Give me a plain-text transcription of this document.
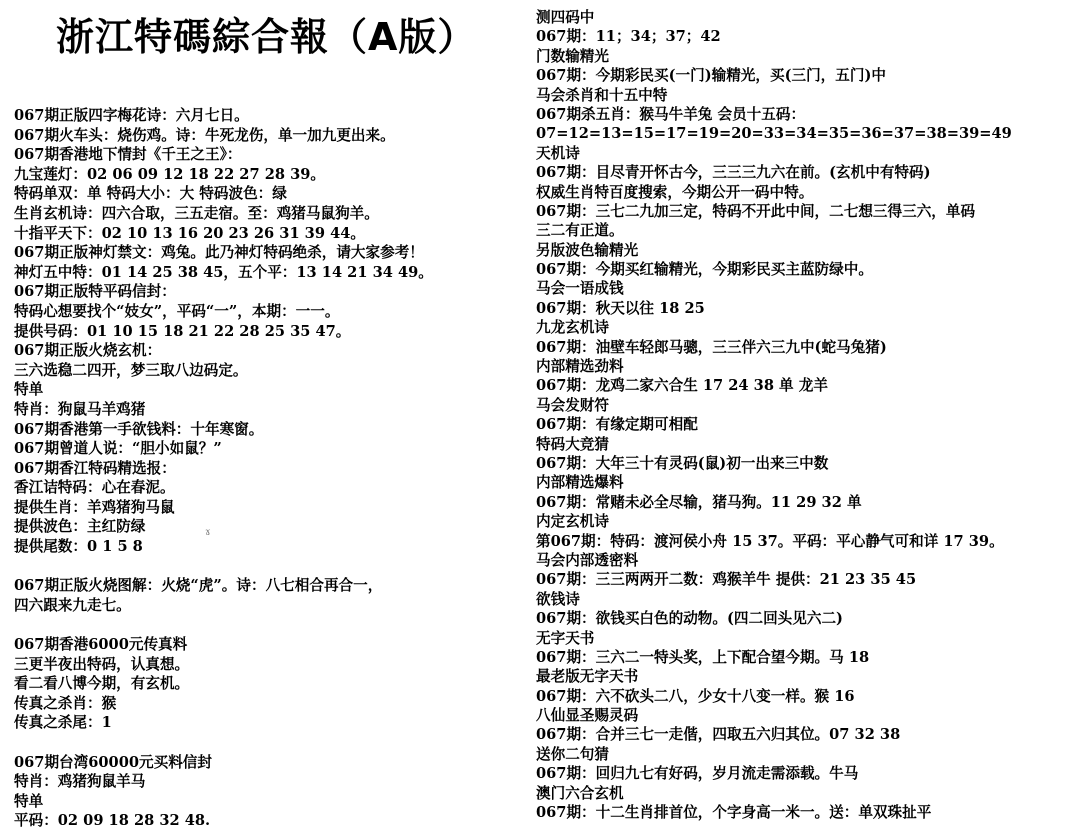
浙江特碼綜合報（A版）
067期正版四字梅花诗：六月七日。
067期火车头：烧伤鸡。诗：牛死龙伤，单一加九更出来。
067期香港地下情封《千王之王》：
九宝莲灯：02 06 09 12 18 22 27 28 39。
特码单双：单 特码大小：大 特码波色：绿
生肖玄机诗：四六合取，三五走宿。至：鸡猪马鼠狗羊。
十指平天下：02 10 13 16 20 23 26 31 39 44。
067期正版神灯禁文：鸡兔。此乃神灯特码绝杀，请大家参考！
神灯五中特：01 14 25 38 45，五个平：13 14 21 34 49。
067期正版特平码信封：
特码心想要找个“妓女”，平码“一”，本期：一一。
提供号码：01 10 15 18 21 22 28 25 35 47。
067期正版火烧玄机：
三六选稳二四开，梦三取八边码定。
特单
特肖：狗鼠马羊鸡猪
067期香港第一手欲钱料：十年寒窗。
067期曾道人说：“胆小如鼠？”
067期香江特码精选报：
香江诘特码：心在春泥。
提供生肖：羊鸡猪狗马鼠
提供波色：主红防绿
提供尾数：0 1 5 8
067期正版火烧图解：火烧“虎”。诗：八七相合再合一，
四六跟来九走七。
067期香港6000元传真料
三更半夜出特码，认真想。
看二看八博今期，有玄机。
传真之杀肖：猴
传真之杀尾：1
067期台湾60000元买料信封
特肖：鸡猪狗鼠羊马
特单
平码：02 09 18 28 32 48.
测四码中
067期：11；34；37；42
门数输精光
067期：今期彩民买(一门)输精光，买(三门，五门)中
马会杀肖和十五中特
067期杀五肖：猴马牛羊兔 会员十五码：
07=12=13=15=17=19=20=33=34=35=36=37=38=39=49
天机诗
067期：目尽青开怀古今，三三三九六在前。(玄机中有特码)
权威生肖特百度搜索，今期公开一码中特。
067期：三七二九加三定，特码不开此中间，二七想三得三六，单码
三二有正道。
另版波色输精光
067期：今期买红输精光，今期彩民买主蓝防绿中。
马会一语成钱
067期：秋天以往 18 25
九龙玄机诗
067期：油壁车轻郎马骢，三三伴六三九中(蛇马兔猪)
内部精选劲料
067期：龙鸡二家六合生 17 24 38 单 龙羊
马会发财符
067期：有缘定期可相配
特码大竞猜
067期：大年三十有灵码(鼠)初一出来三中数
内部精选爆料
067期：常赌未必全尽输，猪马狗。11 29 32 单
内定玄机诗
第067期：特码：渡河侯小舟 15 37。平码：平心静气可和详 17 39。
马会内部透密料
067期：三三两两开二数：鸡猴羊牛 提供：21 23 35 45
欲钱诗
067期：欲钱买白色的动物。(四二回头见六二)
无字天书
067期：三六二一特头奖，上下配合望今期。马 18
最老版无字天书
067期：六不砍头二八，少女十八变一样。猴 16
八仙显圣赐灵码
067期：合并三七一走偕，四取五六归其位。07 32 38
送你二句猜
067期：回归九七有好码，岁月流走需添载。牛马
澳门六合玄机
067期：十二生肖排首位，个字身高一米一。送：单双珠扯平
ɤ
